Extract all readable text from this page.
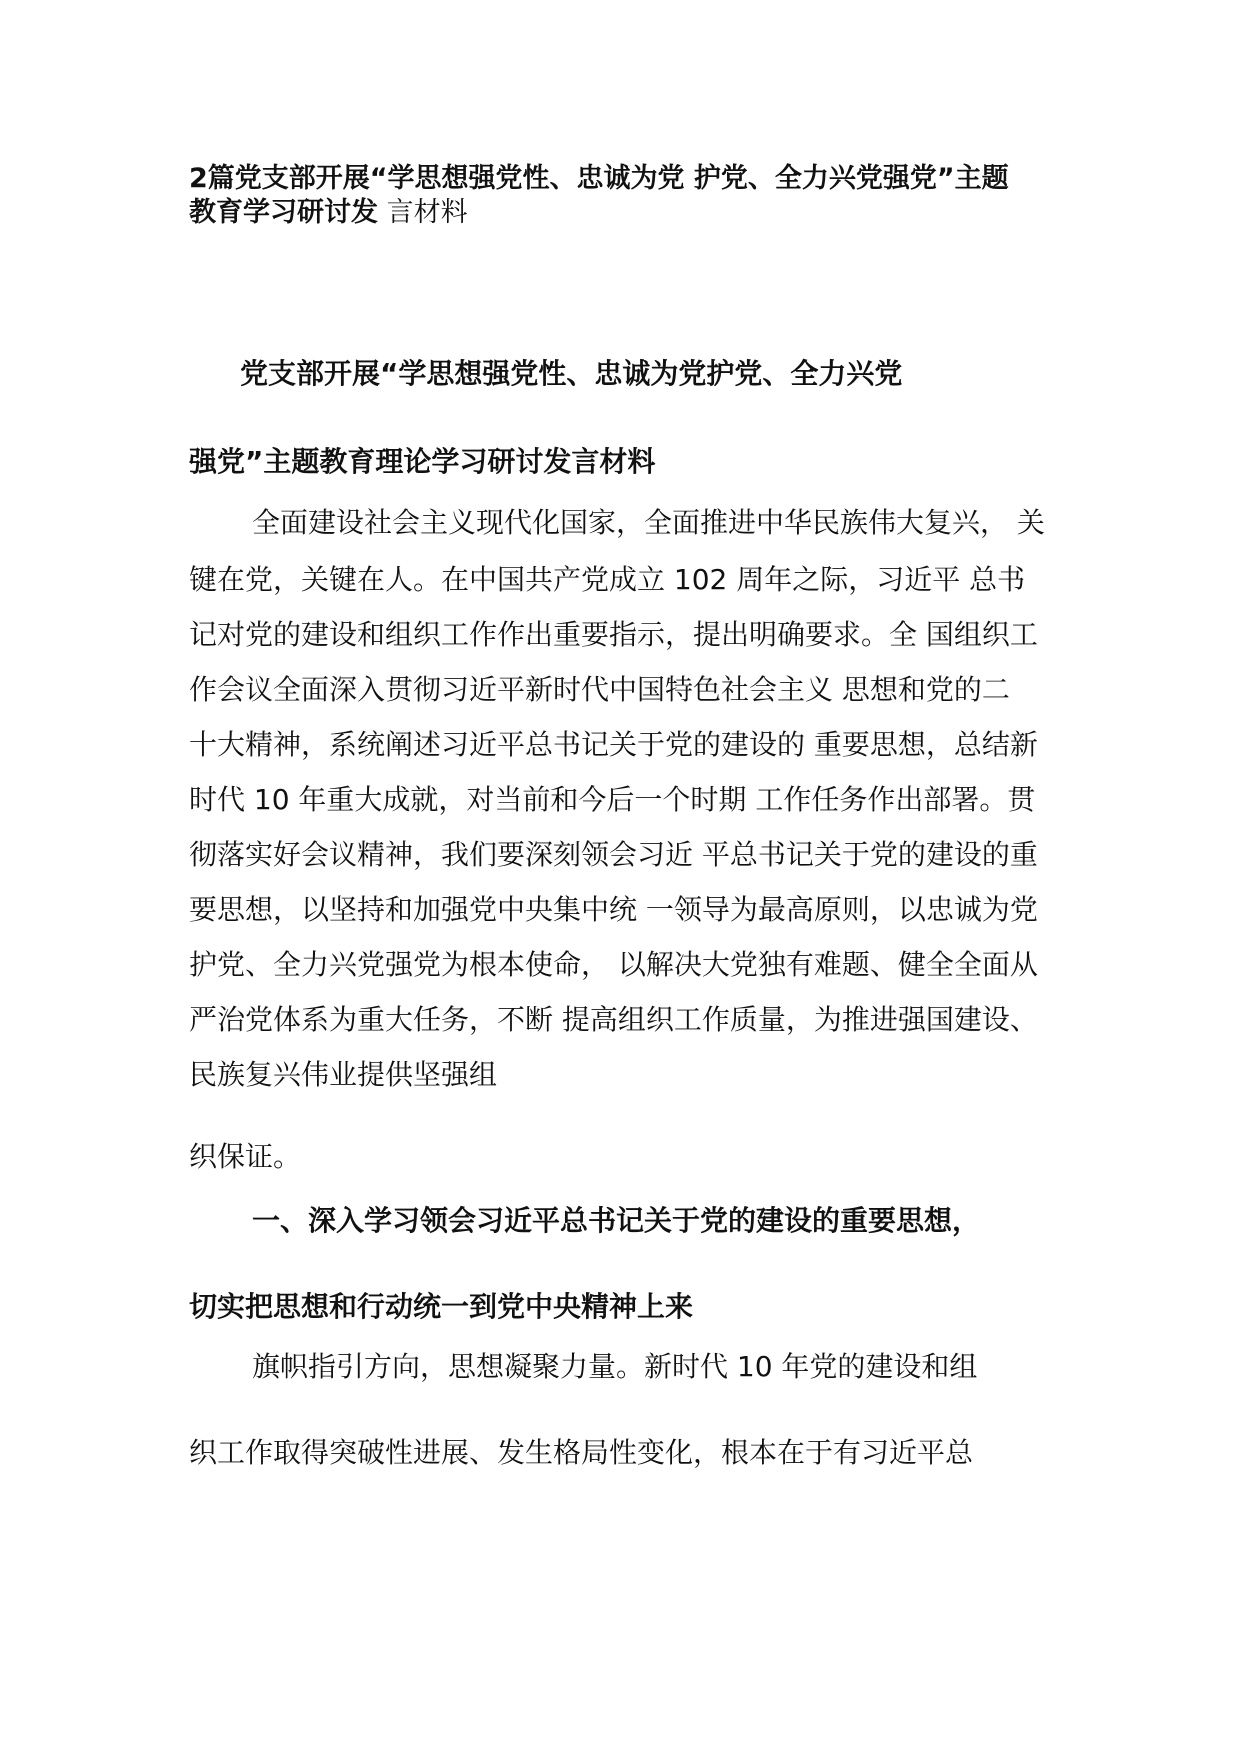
2篇党支部开展“学思想强党性、忠诚为党 护党、全力兴党强党”主题
教育学习研讨发 言材料
党支部开展“学思想强党性、忠诚为党护党、全力兴党
强党”主题教育理论学习研讨发言材料
全面建设社会主义现代化国家，全面推进中华民族伟大复兴， 关
键在党，关键在人。在中国共产党成立 102 周年之际，习近平 总书
记对党的建设和组织工作作出重要指示，提出明确要求。全 国组织工
作会议全面深入贯彻习近平新时代中国特色社会主义 思想和党的二
十大精神，系统阐述习近平总书记关于党的建设的 重要思想，总结新
时代 10 年重大成就，对当前和今后一个时期 工作任务作出部署。贯
彻落实好会议精神，我们要深刻领会习近 平总书记关于党的建设的重
要思想，以坚持和加强党中央集中统 一领导为最高原则，以忠诚为党
护党、全力兴党强党为根本使命， 以解决大党独有难题、健全全面从
严治党体系为重大任务，不断 提高组织工作质量，为推进强国建设、
民族复兴伟业提供坚强组
织保证。
一、深入学习领会习近平总书记关于党的建设的重要思想，
切实把思想和行动统一到党中央精神上来
旗帜指引方向，思想凝聚力量。新时代 10 年党的建设和组
织工作取得突破性进展、发生格局性变化，根本在于有习近平总
